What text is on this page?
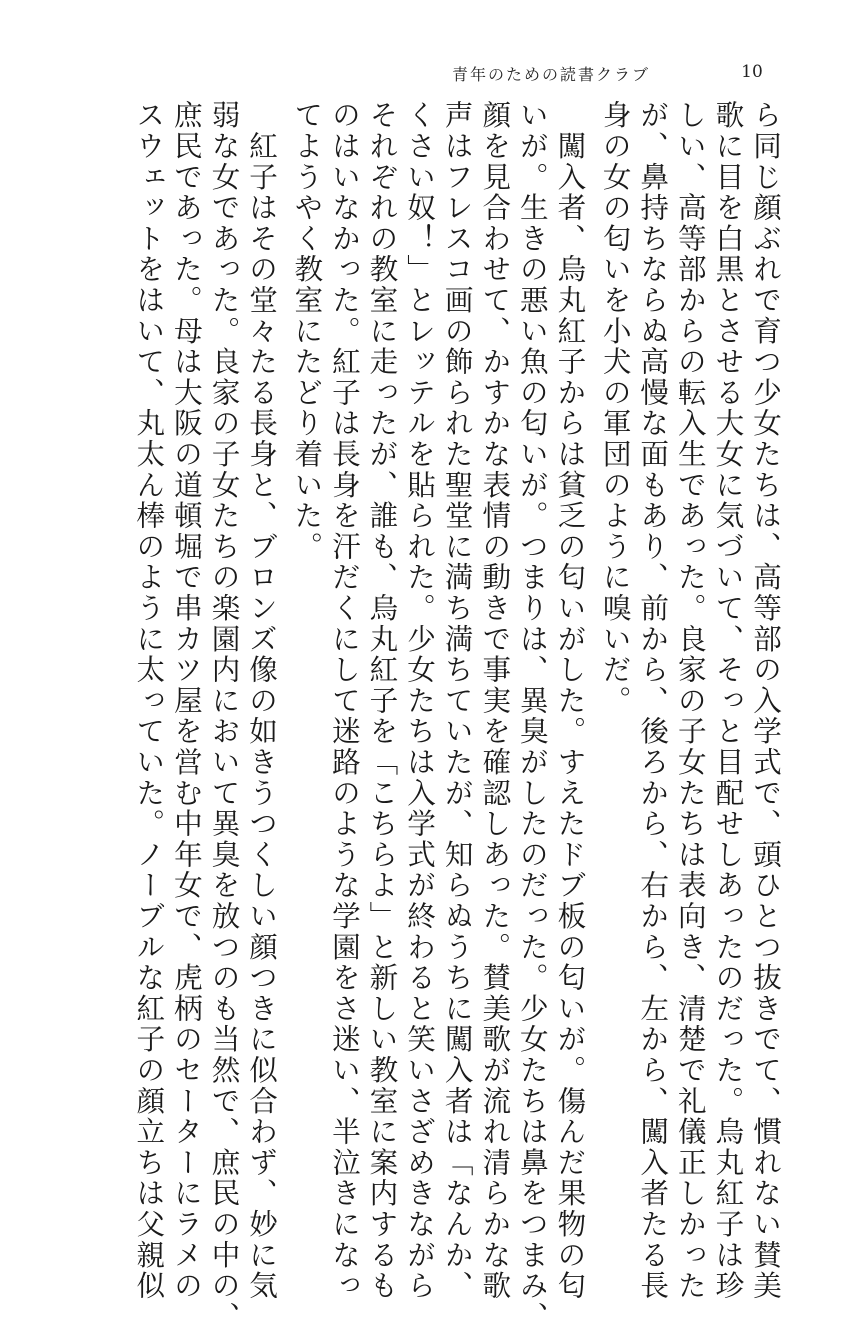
青年のための読書クラブ	10
ら同じ顔ぶれで育つ少女たちは、高等部の入学式で、頭ひとつ抜きでて、慣れない賛美
歌に目を白黒とさせる大女に気づいて、そっと目配せしあったのだった。烏丸紅子は珍
しい、高等部からの転入生であった。良家の子女たちは表向き、清楚で礼儀正しかった
が、鼻持ちならぬ高慢な面もあり、前から、後ろから、右から、左から、闖入者たる長
身の女の匂いを小犬の軍団のように嗅いだ。
　闖入者、烏丸紅子からは貧乏の匂いがした。すえたドブ板の匂いが。傷んだ果物の匂
いが。生きの悪い魚の匂いが。つまりは、異臭がしたのだった。少女たちは鼻をつまみ、
顔を見合わせて、かすかな表情の動きで事実を確認しあった。賛美歌が流れ清らかな歌
声はフレスコ画の飾られた聖堂に満ち満ちていたが、知らぬうちに闖入者は「なんか、
くさい奴！」とレッテルを貼られた。少女たちは入学式が終わると笑いさざめきながら
それぞれの教室に走ったが、誰も、烏丸紅子を「こちらよ」と新しい教室に案内するも
のはいなかった。紅子は長身を汗だくにして迷路のような学園をさ迷い、半泣きになっ
てようやく教室にたどり着いた。
　紅子はその堂々たる長身と、ブロンズ像の如きうつくしい顔つきに似合わず、妙に気
弱な女であった。良家の子女たちの楽園内において異臭を放つのも当然で、庶民の中の、
庶民であった。母は大阪の道頓堀で串カツ屋を営む中年女で、虎柄のセーターにラメの
スウェットをはいて、丸太ん棒のように太っていた。ノーブルな紅子の顔立ちは父親似
